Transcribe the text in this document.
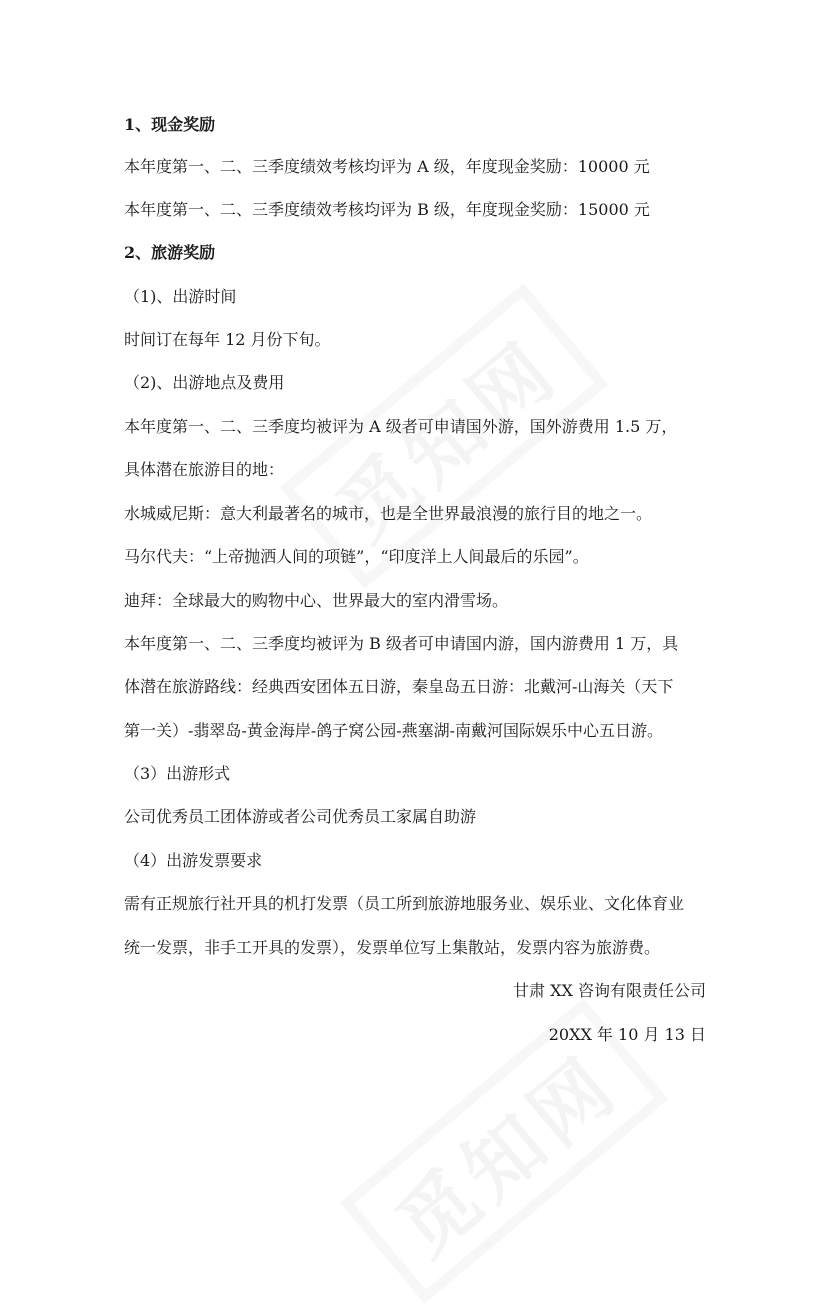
1、现金奖励
本年度第一、二、三季度绩效考核均评为 A 级，年度现金奖励：10000 元
本年度第一、二、三季度绩效考核均评为 B 级，年度现金奖励：15000 元
2、旅游奖励
（1)、出游时间
时间订在每年 12 月份下旬。
（2)、出游地点及费用
本年度第一、二、三季度均被评为 A 级者可申请国外游，国外游费用 1.5 万，
具体潜在旅游目的地：
水城威尼斯：意大利最著名的城市，也是全世界最浪漫的旅行目的地之一。
马尔代夫：“上帝抛洒人间的项链”，“印度洋上人间最后的乐园”。
迪拜：全球最大的购物中心、世界最大的室内滑雪场。
本年度第一、二、三季度均被评为 B 级者可申请国内游，国内游费用 1 万，具
体潜在旅游路线：经典西安团体五日游，秦皇岛五日游：北戴河-山海关（天下
第一关）-翡翠岛-黄金海岸-鸽子窝公园-燕塞湖-南戴河国际娱乐中心五日游。
（3）出游形式
公司优秀员工团体游或者公司优秀员工家属自助游
（4）出游发票要求
需有正规旅行社开具的机打发票（员工所到旅游地服务业、娱乐业、文化体育业
统一发票，非手工开具的发票），发票单位写上集散站，发票内容为旅游费。
甘肃 XX 咨询有限责任公司
20XX 年 10 月 13 日
